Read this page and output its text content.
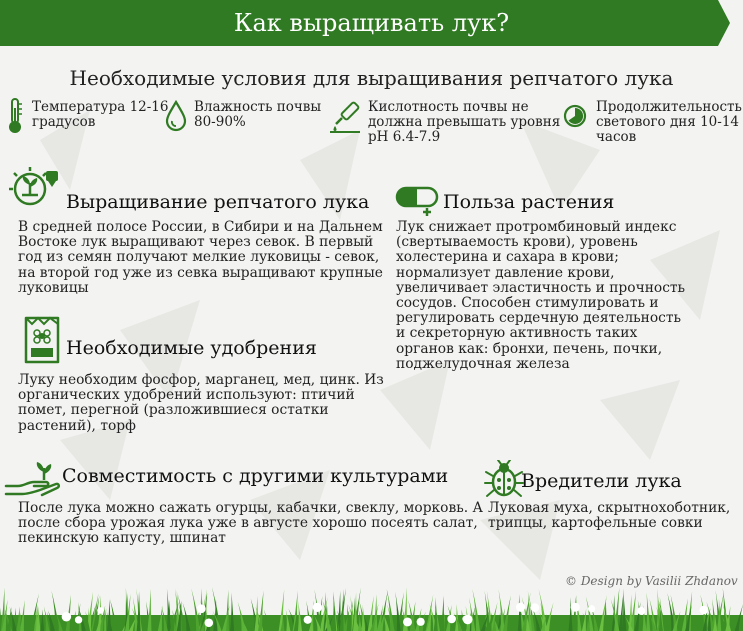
Как выращивать лук?
Необходимые условия для выращивания репчатого лука
Температура 12-16
градусов
Влажность почвы
80-90%
Кислотность почвы не
должна превышать уровня
рН 6.4-7.9
Продолжительность
светового дня 10-14
часов
Выращивание репчатого лука
В средней полосе России, в Сибири и на Дальнем
Востоке лук выращивают через севок. В первый
год из семян получают мелкие луковицы - севок,
на второй год уже из севка выращивают крупные
луковицы
Польза растения
Лук снижает протромбиновый индекс
(свертываемость крови), уровень
холестерина и сахара в крови;
нормализует давление крови,
увеличивает эластичность и прочность
сосудов. Способен стимулировать и
регулировать сердечную деятельность
и секреторную активность таких
органов как: бронхи, печень, почки,
поджелудочная железа
Необходимые удобрения
Луку необходим фосфор, марганец, мед, цинк. Из
органических удобрений используют: птичий
помет, перегной (разложившиеся остатки
растений), торф
Совместимость с другими культурами
После лука можно сажать огурцы, кабачки, свеклу, морковь. А
после сбора урожая лука уже в августе хорошо посеять салат,
пекинскую капусту, шпинат
Вредители лука
Луковая муха, скрытнохоботник,
трипцы, картофельные совки
© Design by Vasilii Zhdanov
